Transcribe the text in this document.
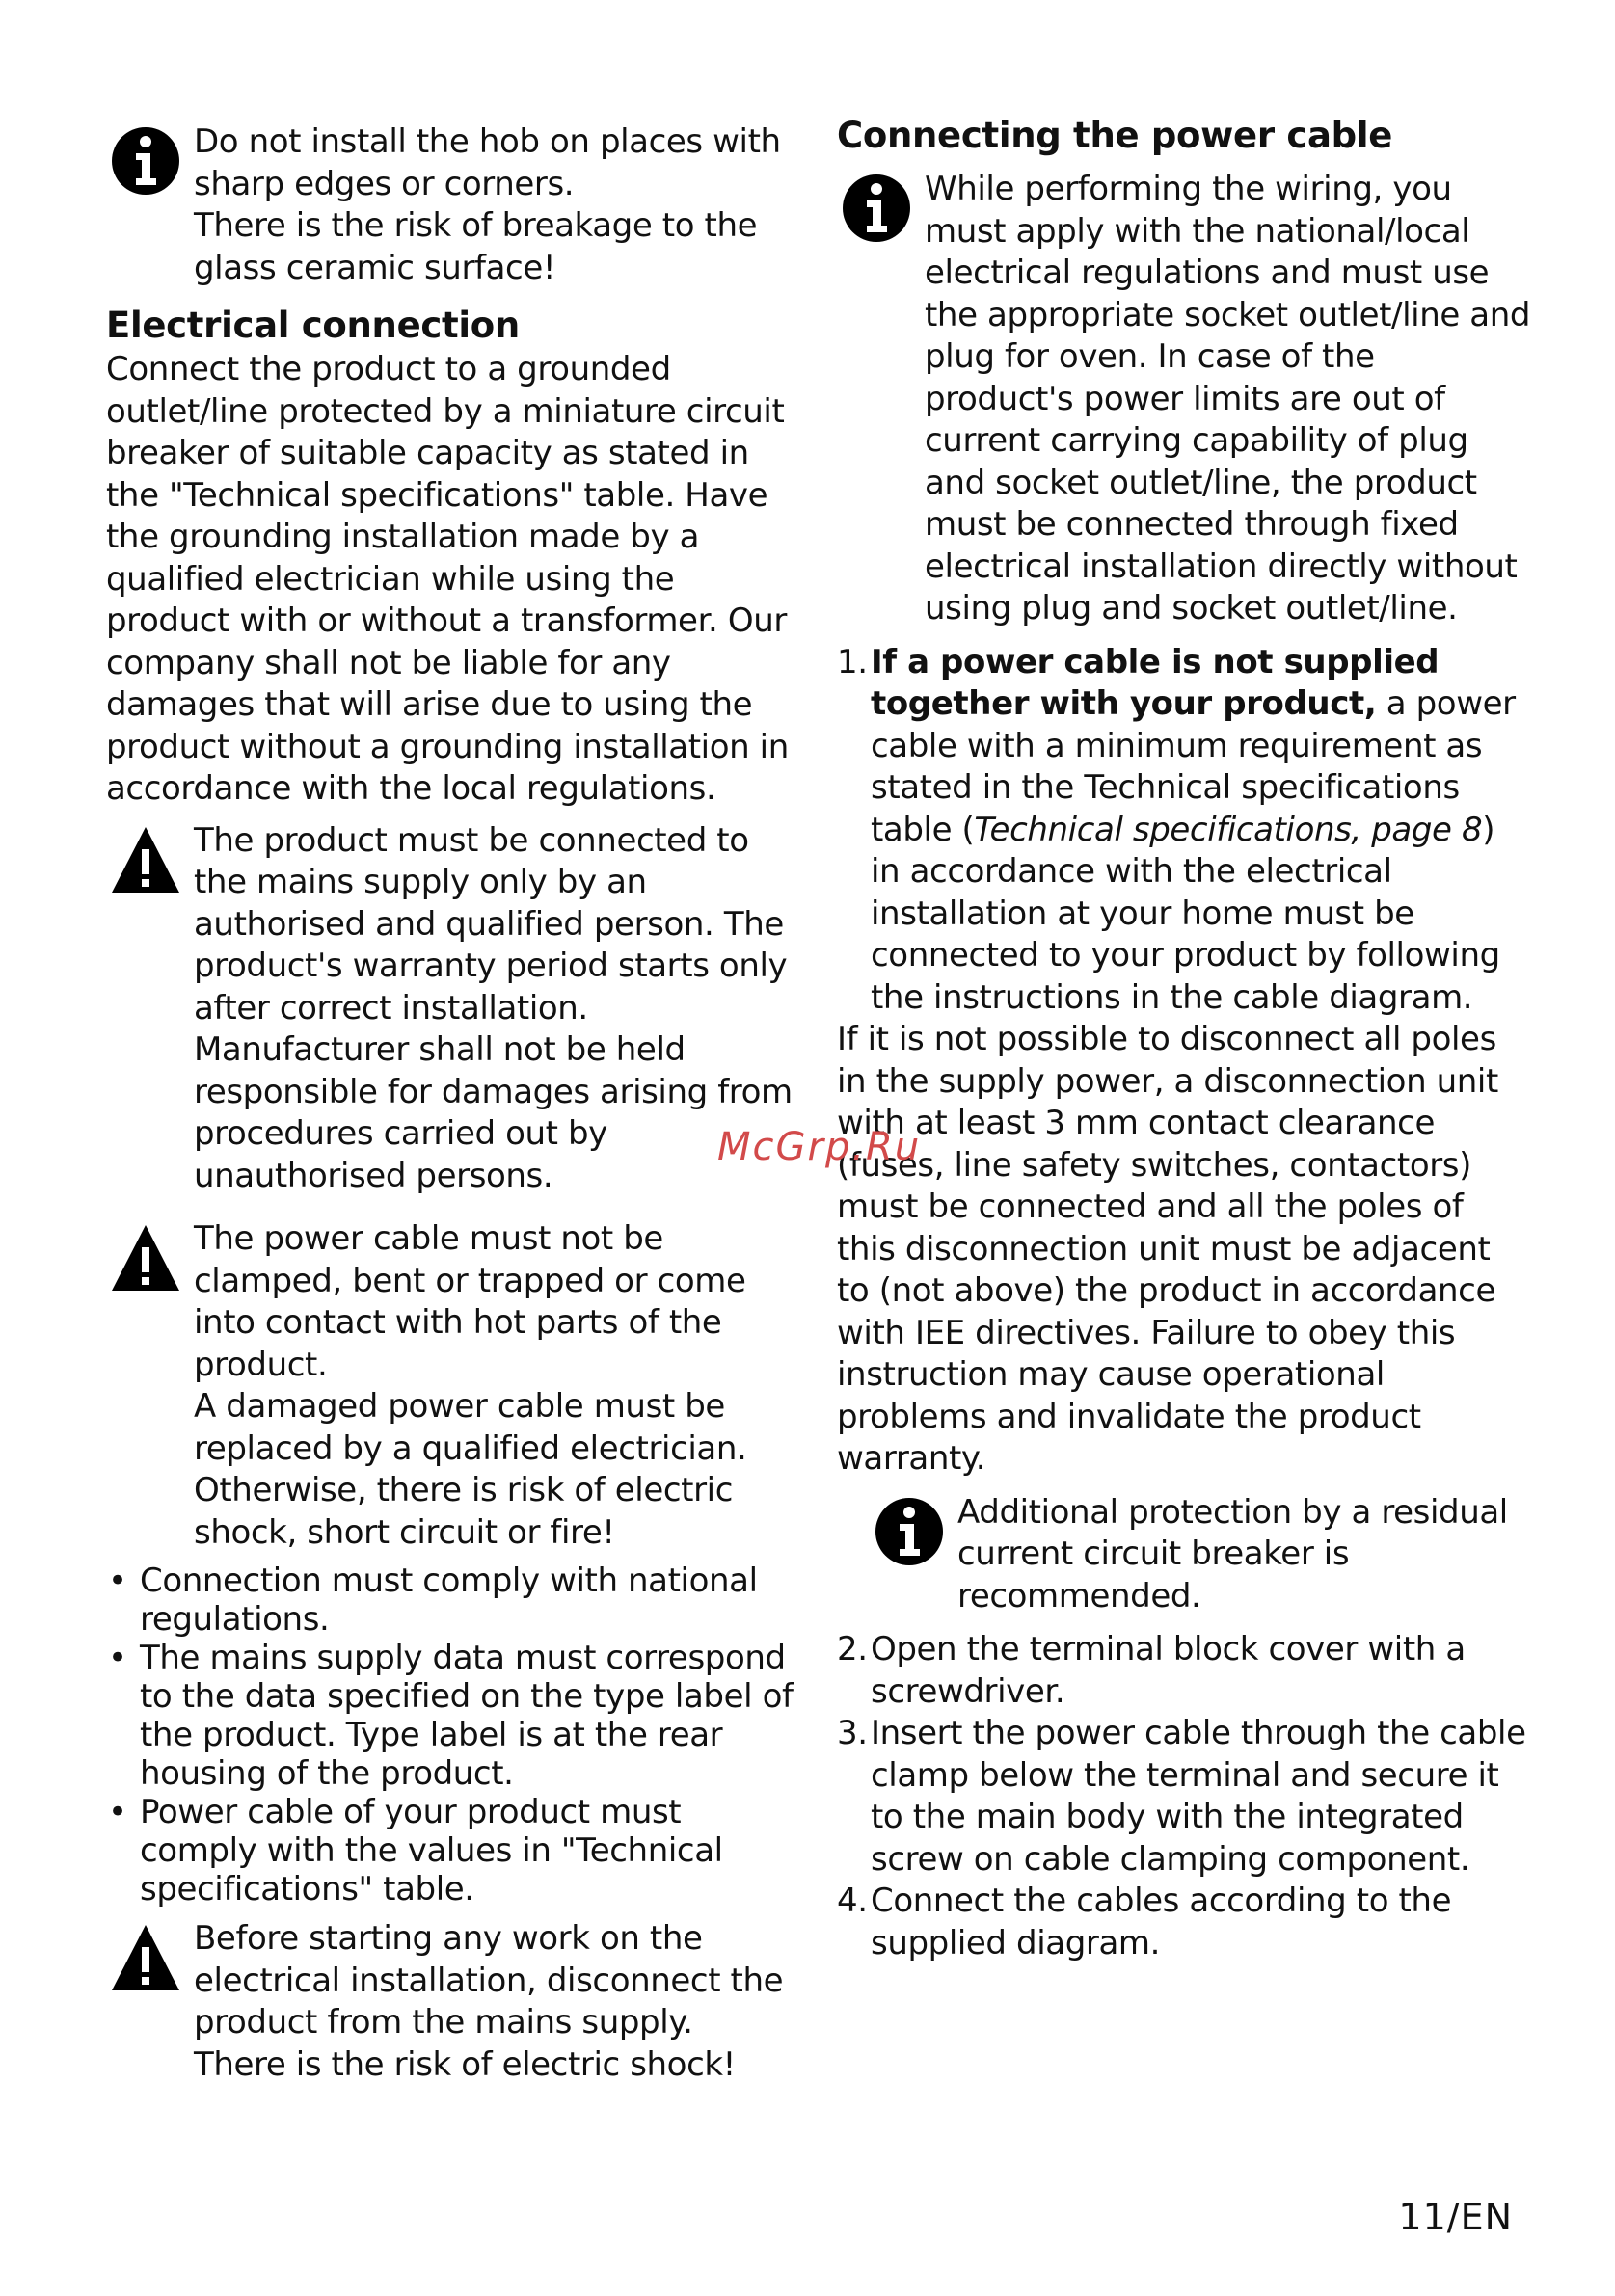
Do not install the hob on places with sharp edges or corners.

There is the risk of breakage to the glass ceramic surface!

Electrical connection

Connect the product to a grounded outlet/line protected by a miniature circuit breaker of suitable capacity as stated in the "Technical specifications" table. Have the grounding installation made by a qualified electrician while using the product with or without a transformer. Our company shall not be liable for any damages that will arise due to using the product without a grounding installation in accordance with the local regulations.

The product must be connected to the mains supply only by an authorised and qualified person. The product's warranty period starts only after correct installation.

Manufacturer shall not be held responsible for damages arising from procedures carried out by unauthorised persons.

The power cable must not be clamped, bent or trapped or come into contact with hot parts of the product.

A damaged power cable must be replaced by a qualified electrician. Otherwise, there is risk of electric shock, short circuit or fire!

• Connection must comply with national regulations.
• The mains supply data must correspond to the data specified on the type label of the product. Type label is at the rear housing of the product.
• Power cable of your product must comply with the values in "Technical specifications" table.

Before starting any work on the electrical installation, disconnect the product from the mains supply.

There is the risk of electric shock!

Connecting the power cable

While performing the wiring, you must apply with the national/local electrical regulations and must use the appropriate socket outlet/line and plug for oven. In case of the product's power limits are out of current carrying capability of plug and socket outlet/line, the product must be connected through fixed electrical installation directly without using plug and socket outlet/line.

1. If a power cable is not supplied together with your product, a power cable with a minimum requirement as stated in the Technical specifications table (Technical specifications, page 8) in accordance with the electrical installation at your home must be connected to your product by following the instructions in the cable diagram.

If it is not possible to disconnect all poles in the supply power, a disconnection unit with at least 3 mm contact clearance (fuses, line safety switches, contactors) must be connected and all the poles of this disconnection unit must be adjacent to (not above) the product in accordance with IEE directives. Failure to obey this instruction may cause operational problems and invalidate the product warranty.

Additional protection by a residual current circuit breaker is recommended.

2. Open the terminal block cover with a screwdriver.
3. Insert the power cable through the cable clamp below the terminal and secure it to the main body with the integrated screw on cable clamping component.
4. Connect the cables according to the supplied diagram.
McGrp.Ru
11/EN
